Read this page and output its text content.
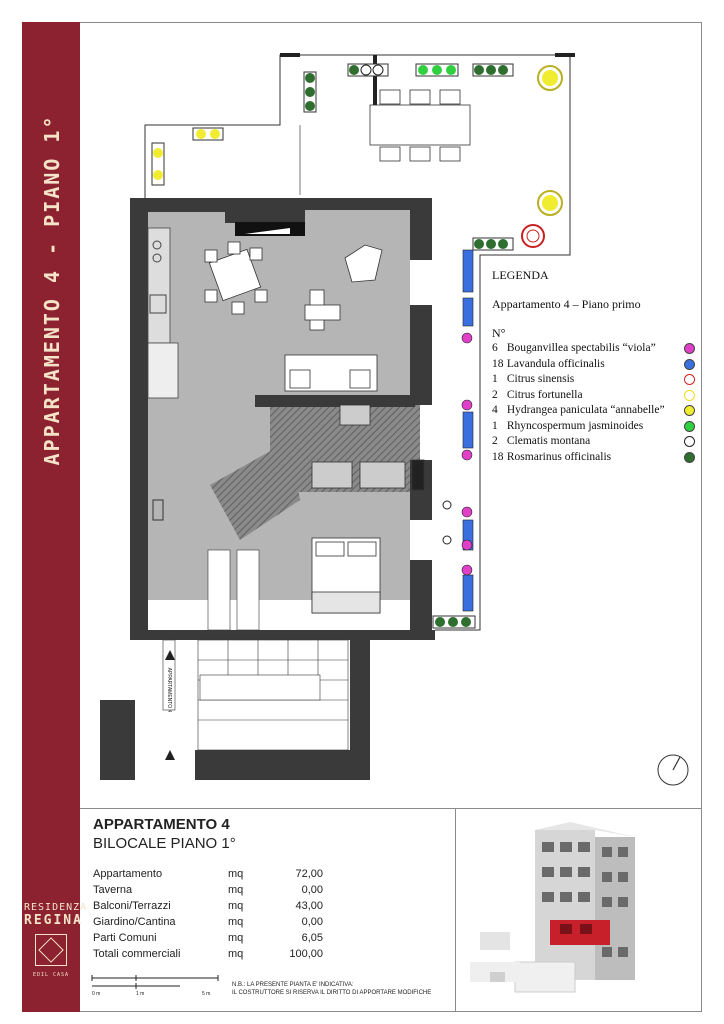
APPARTAMENTO 4 - PIANO 1°
RESIDENZA
REGINA
EDIL CASA
APPARTAMENTO 4
LEGENDA
Appartamento 4 – Piano primo
N°
6 Bouganvillea spectabilis “viola”
18 Lavandula officinalis
1 Citrus sinensis
2 Citrus fortunella
4 Hydrangea paniculata “annabelle”
1 Rhyncospermum jasminoides
2 Clematis montana
18 Rosmarinus officinalis
APPARTAMENTO 4
BILOCALE PIANO 1°
Appartamento	mq	72,00
Taverna	mq	0,00
Balconi/Terrazzi	mq	43,00
Giardino/Cantina	mq	0,00
Parti Comuni	mq	6,05
Totali commerciali	mq	100,00
0 m	1 m	5 m
N.B.: LA PRESENTE PIANTA E' INDICATIVA:
IL COSTRUTTORE SI RISERVA IL DIRITTO DI APPORTARE MODIFICHE
